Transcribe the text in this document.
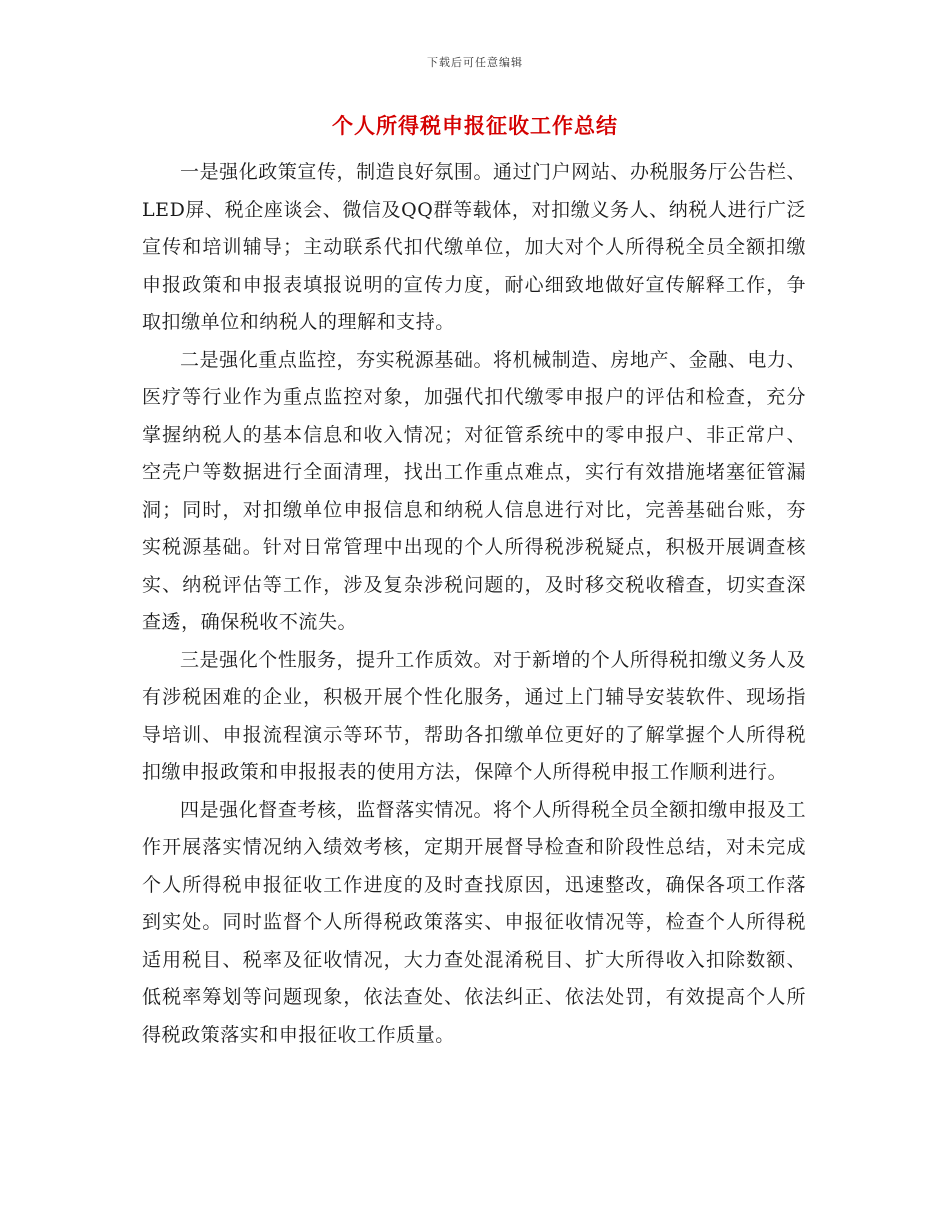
下载后可任意编辑
个人所得税申报征收工作总结

一是强化政策宣传，制造良好氛围。通过门户网站、办税服务厅公告栏、LED屏、税企座谈会、微信及QQ群等载体，对扣缴义务人、纳税人进行广泛宣传和培训辅导；主动联系代扣代缴单位，加大对个人所得税全员全额扣缴申报政策和申报表填报说明的宣传力度，耐心细致地做好宣传解释工作，争取扣缴单位和纳税人的理解和支持。

二是强化重点监控，夯实税源基础。将机械制造、房地产、金融、电力、医疗等行业作为重点监控对象，加强代扣代缴零申报户的评估和检查，充分掌握纳税人的基本信息和收入情况；对征管系统中的零申报户、非正常户、空壳户等数据进行全面清理，找出工作重点难点，实行有效措施堵塞征管漏洞；同时，对扣缴单位申报信息和纳税人信息进行对比，完善基础台账，夯实税源基础。针对日常管理中出现的个人所得税涉税疑点，积极开展调查核实、纳税评估等工作，涉及复杂涉税问题的，及时移交税收稽查，切实查深查透，确保税收不流失。

三是强化个性服务，提升工作质效。对于新增的个人所得税扣缴义务人及有涉税困难的企业，积极开展个性化服务，通过上门辅导安装软件、现场指导培训、申报流程演示等环节，帮助各扣缴单位更好的了解掌握个人所得税扣缴申报政策和申报报表的使用方法，保障个人所得税申报工作顺利进行。

四是强化督查考核，监督落实情况。将个人所得税全员全额扣缴申报及工作开展落实情况纳入绩效考核，定期开展督导检查和阶段性总结，对未完成个人所得税申报征收工作进度的及时查找原因，迅速整改，确保各项工作落到实处。同时监督个人所得税政策落实、申报征收情况等，检查个人所得税适用税目、税率及征收情况，大力查处混淆税目、扩大所得收入扣除数额、低税率筹划等问题现象，依法查处、依法纠正、依法处罚，有效提高个人所得税政策落实和申报征收工作质量。
